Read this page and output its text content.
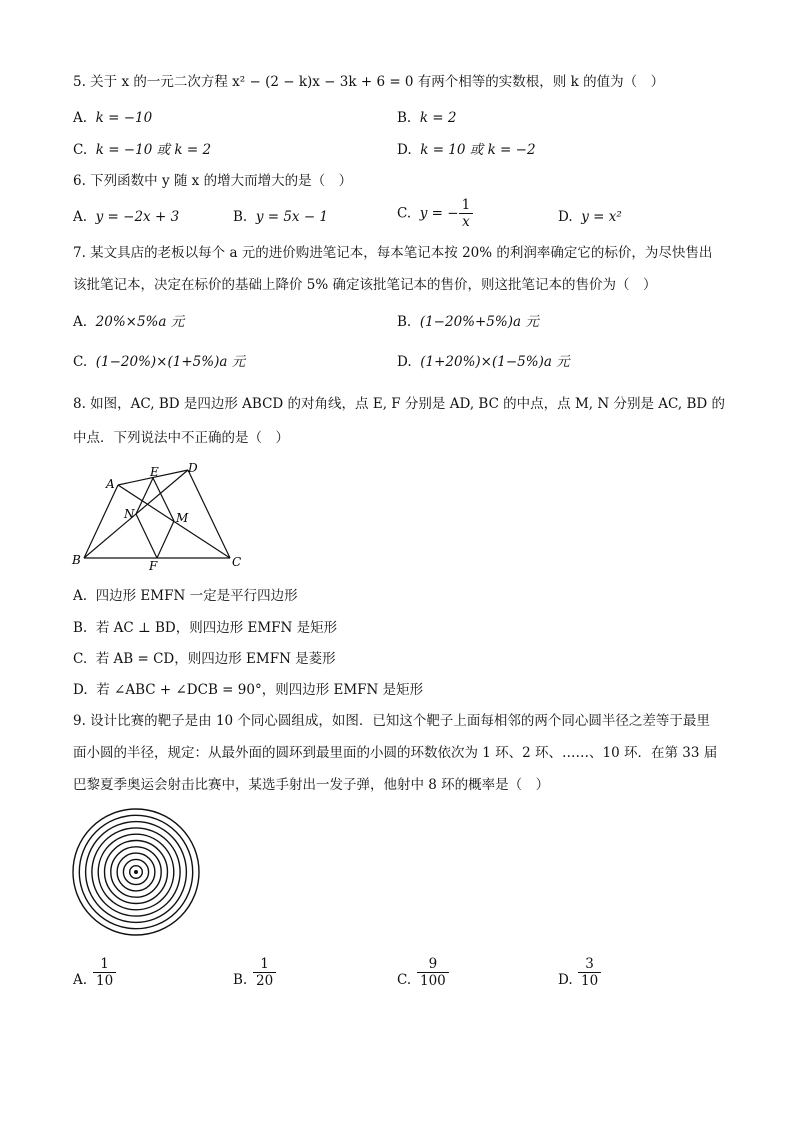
5. 关于 x 的一元二次方程 x² − (2 − k)x − 3k + 6 = 0 有两个相等的实数根，则 k 的值为（　）
A. k = −10	B. k = 2
C. k = −10 或 k = 2	D. k = 10 或 k = −2
6. 下列函数中 y 随 x 的增大而增大的是（　）
A. y = −2x + 3	B. y = 5x − 1	C. y = − $\frac{1}{x}$	D. y = x²
7. 某文具店的老板以每个 a 元的进价购进笔记本，每本笔记本按 20% 的利润率确定它的标价，为尽快售出
该批笔记本，决定在标价的基础上降价 5% 确定该批笔记本的售价，则这批笔记本的售价为（　）
A. 20%×5%a 元	B. (1−20%+5%)a 元
C. (1−20%)×(1+5%)a 元	D. (1+20%)×(1−5%)a 元
8. 如图，AC, BD 是四边形 ABCD 的对角线，点 E, F 分别是 AD, BC 的中点，点 M, N 分别是 AC, BD 的
中点．下列说法中不正确的是（　）
A
B	C
D
E
F
M
N
A. 四边形 EMFN 一定是平行四边形
B. 若 AC ⊥ BD，则四边形 EMFN 是矩形
C. 若 AB = CD，则四边形 EMFN 是菱形
D. 若 ∠ABC + ∠DCB = 90°，则四边形 EMFN 是矩形
9. 设计比赛的靶子是由 10 个同心圆组成，如图．已知这个靶子上面每相邻的两个同心圆半径之差等于最里
面小圆的半径，规定：从最外面的圆环到最里面的小圆的环数依次为 1 环、2 环、……、10 环．在第 33 届
巴黎夏季奥运会射击比赛中，某选手射出一发子弹，他射中 8 环的概率是（　）
A. $\frac{1}{10}$	B. $\frac{1}{20}$	C. $\frac{9}{100}$	D. $\frac{3}{10}$
